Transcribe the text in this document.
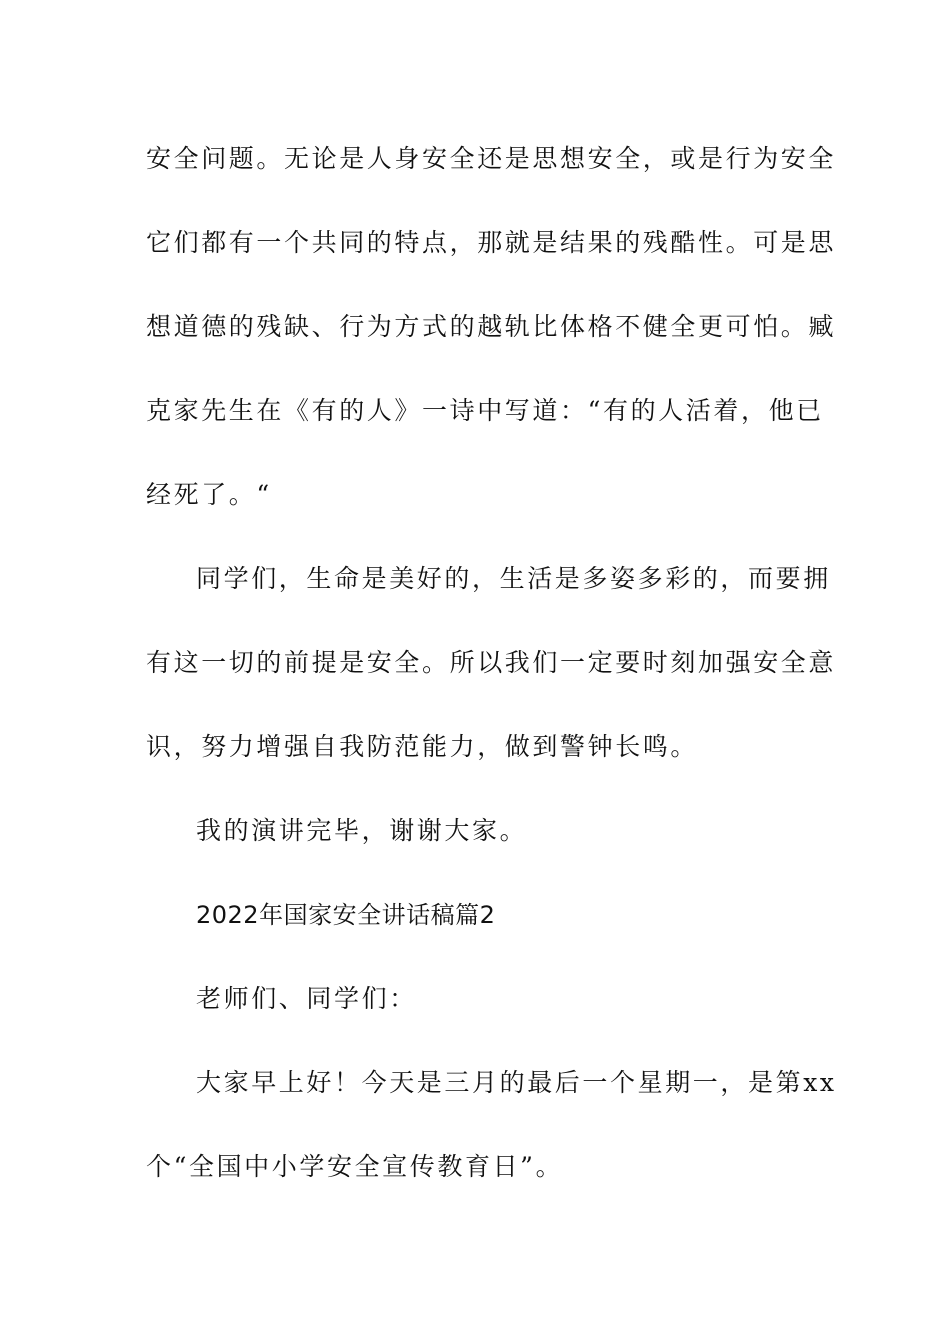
安全问题。无论是人身安全还是思想安全，或是行为安全
它们都有一个共同的特点，那就是结果的残酷性。可是思
想道德的残缺、行为方式的越轨比体格不健全更可怕。臧
克家先生在《有的人》一诗中写道：“有的人活着，他已
经死了。“
同学们，生命是美好的，生活是多姿多彩的，而要拥
有这一切的前提是安全。所以我们一定要时刻加强安全意
识，努力增强自我防范能力，做到警钟长鸣。
我的演讲完毕，谢谢大家。
2022年国家安全讲话稿篇2
老师们、同学们：
大家早上好！今天是三月的最后一个星期一，是第xx
个“全国中小学安全宣传教育日”。
